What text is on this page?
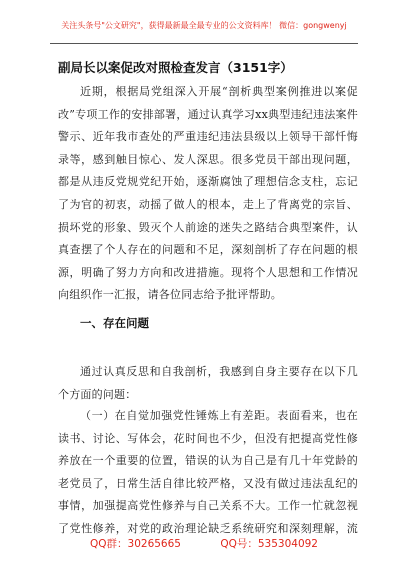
关注头条号"公文研究"，获得最新最全最专业的公文资料库！ 微信：gongwenyj
副局长以案促改对照检查发言（3151字）

近期，根据局党组深入开展“剖析典型案例推进以案促改”专项工作的安排部署，通过认真学习xx典型违纪违法案件警示、近年我市查处的严重违纪违法县级以上领导干部忏悔录等，感到触目惊心、发人深思。很多党员干部出现问题，都是从违反党规党纪开始，逐渐腐蚀了理想信念支柱，忘记了为官的初衷，动摇了做人的根本，走上了背离党的宗旨、损坏党的形象、毁灭个人前途的迷失之路结合典型案件，认真查摆了个人存在的问题和不足，深刻剖析了存在问题的根源，明确了努力方向和改进措施。现将个人思想和工作情况向组织作一汇报，请各位同志给予批评帮助。

一、存在问题

通过认真反思和自我剖析，我感到自身主要存在以下几个方面的问题：

（一）在自觉加强党性锤炼上有差距。表面看来，也在读书、讨论、写体会，花时间也不少，但没有把提高党性修养放在一个重要的位置，错误的认为自己是有几十年党龄的老党员了，日常生活自律比较严格，又没有做过违法乱纪的事情，加强提高党性修养与自己关系不大。工作一忙就忽视了党性修养，对党的政治理论缺乏系统研究和深刻理解，流

QQ群：30265665	QQ号：535304092
